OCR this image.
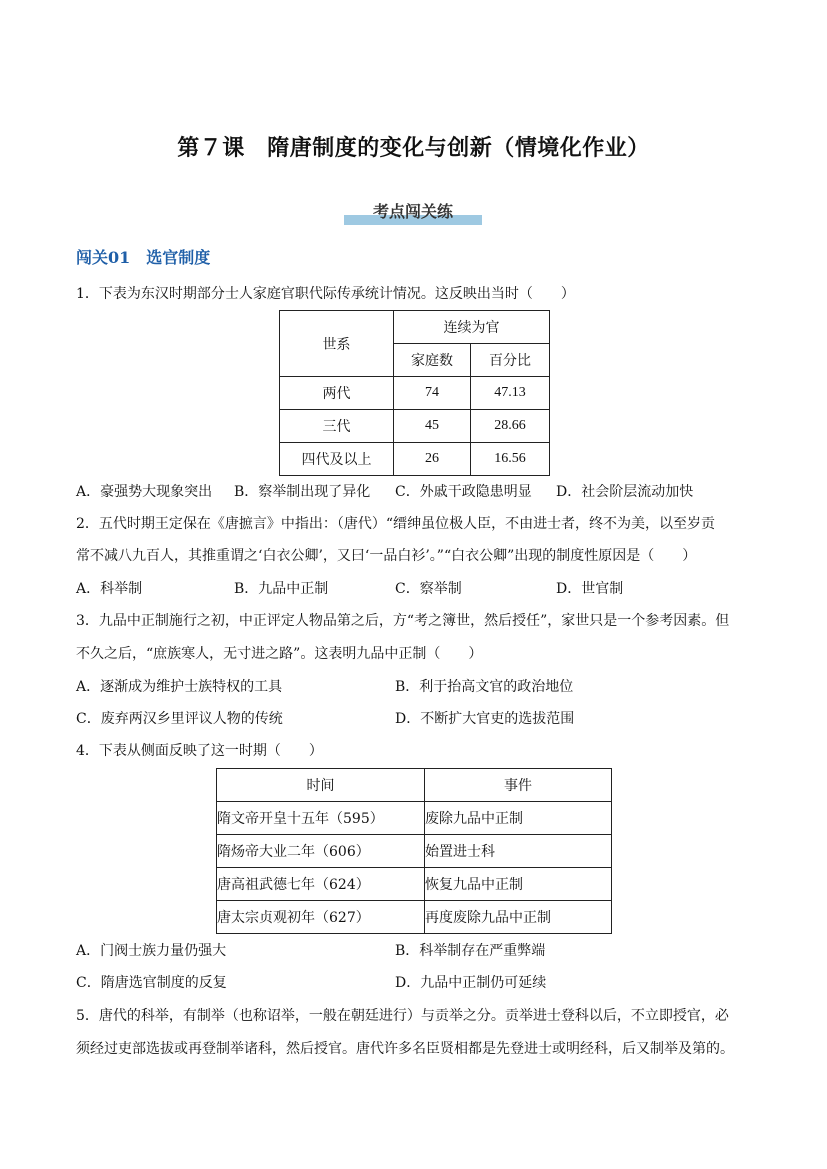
第７课　隋唐制度的变化与创新（情境化作业）
考点闯关练
闯关01　选官制度
1．下表为东汉时期部分士人家庭官职代际传承统计情况。这反映出当时（　　）
世系	连续为官	
	家庭数	百分比
两代	74	47.13
三代	45	28.66
四代及以上	26	16.56
A．豪强势大现象突出 B．察举制出现了异化 C．外戚干政隐患明显 D．社会阶层流动加快
2．五代时期王定保在《唐摭言》中指出：（唐代）“缙绅虽位极人臣，不由进士者，终不为美，以至岁贡
常不减八九百人，其推重谓之‘白衣公卿’，又曰‘一品白衫’。”“白衣公卿”出现的制度性原因是（　　）
A．科举制	B．九品中正制	C．察举制	D．世官制
3．九品中正制施行之初，中正评定人物品第之后，方“考之簿世，然后授任”，家世只是一个参考因素。但
不久之后，“庶族寒人，无寸进之路”。这表明九品中正制（　　）
A．逐渐成为维护士族特权的工具	B．利于抬高文官的政治地位
C．废弃两汉乡里评议人物的传统	D．不断扩大官吏的选拔范围
4．下表从侧面反映了这一时期（　　）
时间	事件
隋文帝开皇十五年（595）	废除九品中正制
隋炀帝大业二年（606）	始置进士科
唐高祖武德七年（624）	恢复九品中正制
唐太宗贞观初年（627）	再度废除九品中正制
A．门阀士族力量仍强大	B．科举制存在严重弊端
C．隋唐选官制度的反复	D．九品中正制仍可延续
5．唐代的科举，有制举（也称诏举，一般在朝廷进行）与贡举之分。贡举进士登科以后，不立即授官，必
须经过吏部选拔或再登制举诸科，然后授官。唐代许多名臣贤相都是先登进士或明经科，后又制举及第的。
